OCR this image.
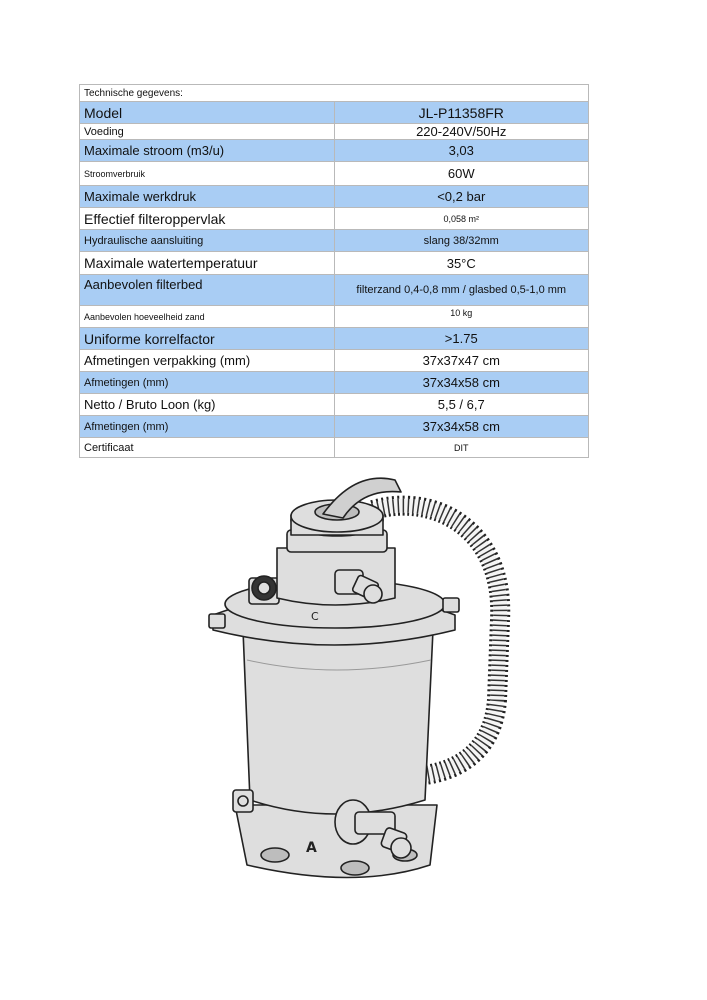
Technische gegevens:	
Model	JL-P11358FR
Voeding	220-240V/50Hz
Maximale stroom (m3/u)	3,03
Stroomverbruik	60W
Maximale werkdruk	<0,2 bar
Effectief filteroppervlak	0,058 m²
Hydraulische aansluiting	slang 38/32mm
Maximale watertemperatuur	35°C
Aanbevolen filterbed	filterzand 0,4-0,8 mm / glasbed 0,5-1,0 mm
Aanbevolen hoeveelheid zand	10 kg
Uniforme korrelfactor	>1.75
Afmetingen verpakking (mm)	37x37x47 cm
Afmetingen (mm)	37x34x58 cm
Netto / Bruto Loon (kg)	5,5 / 6,7
Afmetingen (mm)	37x34x58 cm
Certificaat	DIT
C
A
